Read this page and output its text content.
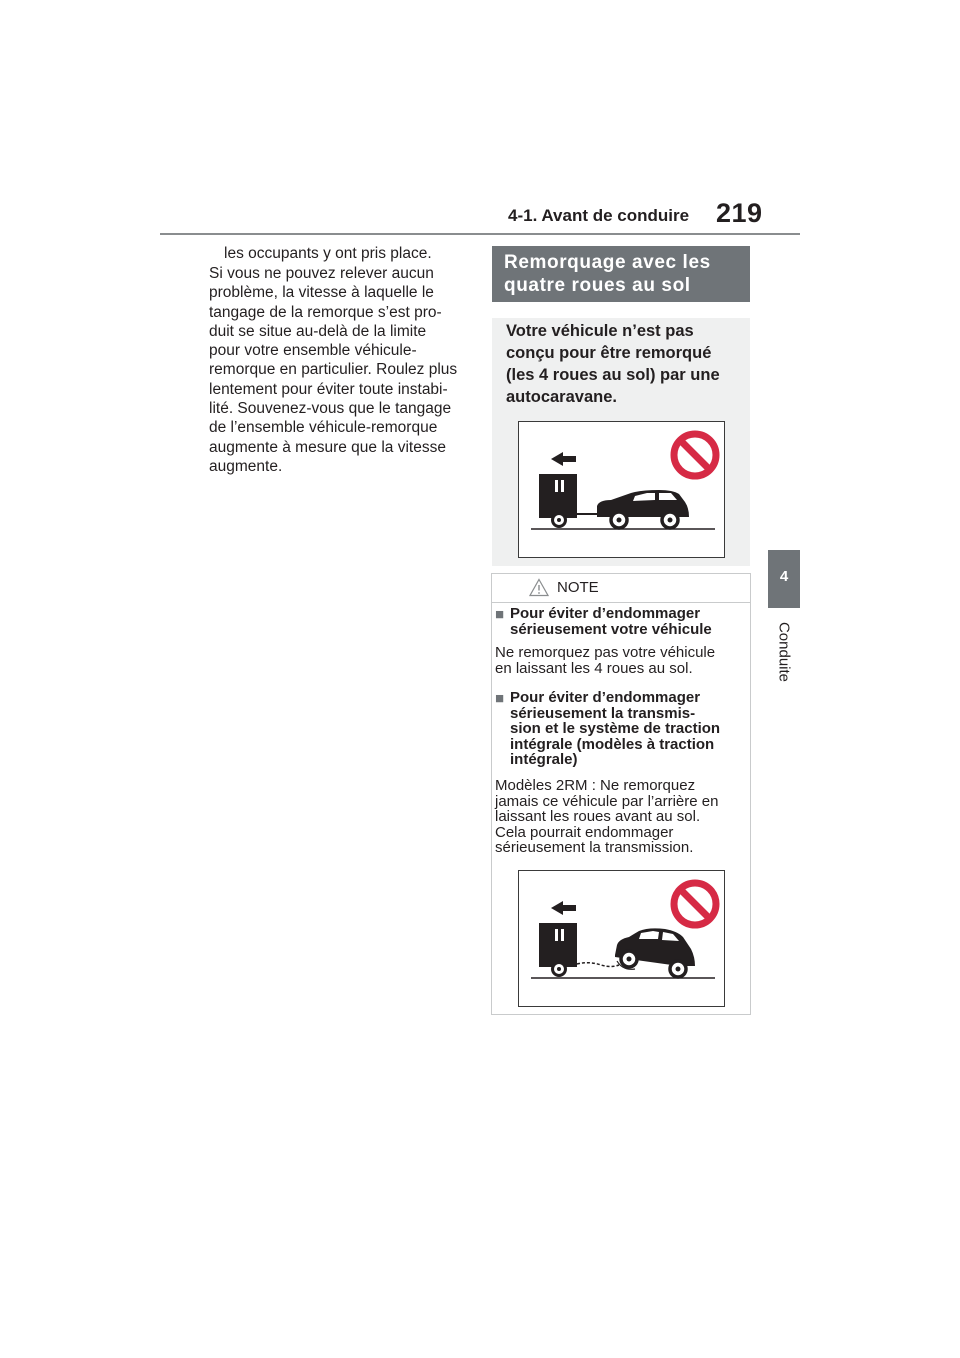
4-1. Avant de conduire 219
4
Conduite
les occupants y ont pris place.
Si vous ne pouvez relever aucun
problème, la vitesse à laquelle le
tangage de la remorque s’est pro-
duit se situe au-delà de la limite
pour votre ensemble véhicule-
remorque en particulier. Roulez plus
lentement pour éviter toute instabi-
lité. Souvenez-vous que le tangage
de l’ensemble véhicule-remorque
augmente à mesure que la vitesse
augmente.
Remorquage avec les
quatre roues au sol
Votre véhicule n’est pas
conçu pour être remorqué
(les 4 roues au sol) par une
autocaravane.
NOTE
■ Pour éviter d’endommager
sérieusement votre véhicule
Ne remorquez pas votre véhicule
en laissant les 4 roues au sol.
■ Pour éviter d’endommager
sérieusement la transmis-
sion et le système de traction
intégrale (modèles à traction
intégrale)
Modèles 2RM : Ne remorquez
jamais ce véhicule par l’arrière en
laissant les roues avant au sol.
Cela pourrait endommager
sérieusement la transmission.
